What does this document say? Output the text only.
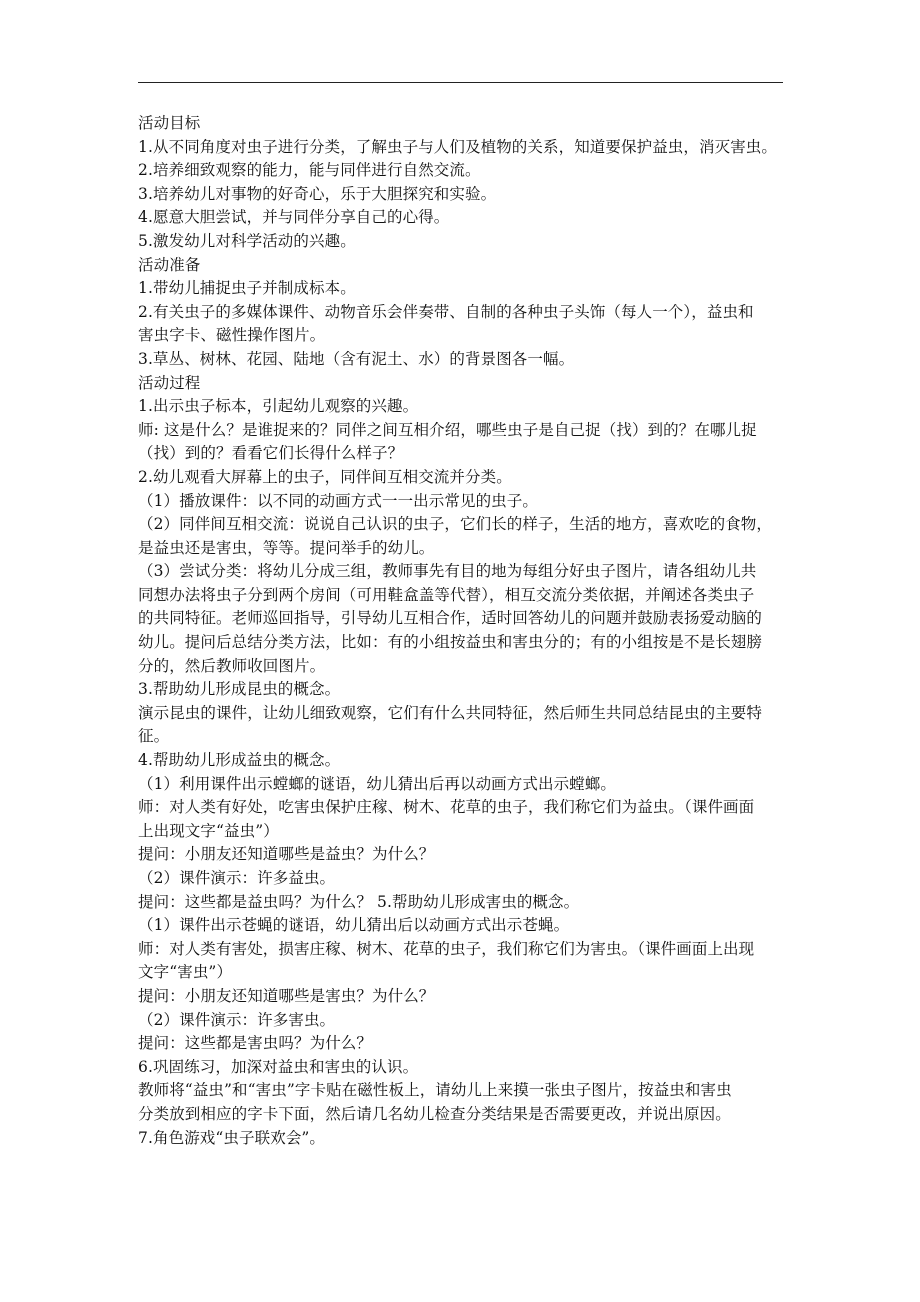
活动目标

1.从不同角度对虫子进行分类，了解虫子与人们及植物的关系，知道要保护益虫，消灭害虫。

2.培养细致观察的能力，能与同伴进行自然交流。

3.培养幼儿对事物的好奇心，乐于大胆探究和实验。

4.愿意大胆尝试，并与同伴分享自己的心得。

5.激发幼儿对科学活动的兴趣。

活动准备

1.带幼儿捕捉虫子并制成标本。

2.有关虫子的多媒体课件、动物音乐会伴奏带、自制的各种虫子头饰（每人一个），益虫和

害虫字卡、磁性操作图片。

3.草丛、树林、花园、陆地（含有泥土、水）的背景图各一幅。

活动过程

1.出示虫子标本，引起幼儿观察的兴趣。

师: 这是什么？是谁捉来的？同伴之间互相介绍，哪些虫子是自己捉（找）到的？在哪儿捉

（找）到的？看看它们长得什么样子？

2.幼儿观看大屏幕上的虫子，同伴间互相交流并分类。

（1）播放课件：以不同的动画方式一一出示常见的虫子。

（2）同伴间互相交流：说说自己认识的虫子，它们长的样子，生活的地方，喜欢吃的食物，

是益虫还是害虫，等等。提问举手的幼儿。

（3）尝试分类：将幼儿分成三组，教师事先有目的地为每组分好虫子图片，请各组幼儿共

同想办法将虫子分到两个房间（可用鞋盒盖等代替），相互交流分类依据，并阐述各类虫子

的共同特征。老师巡回指导，引导幼儿互相合作，适时回答幼儿的问题并鼓励表扬爱动脑的

幼儿。提问后总结分类方法，比如：有的小组按益虫和害虫分的；有的小组按是不是长翅膀

分的，然后教师收回图片。

3.帮助幼儿形成昆虫的概念。

演示昆虫的课件，让幼儿细致观察，它们有什么共同特征，然后师生共同总结昆虫的主要特

征。

4.帮助幼儿形成益虫的概念。

（1）利用课件出示螳螂的谜语，幼儿猜出后再以动画方式出示螳螂。

师：对人类有好处，吃害虫保护庄稼、树木、花草的虫子，我们称它们为益虫。（课件画面

上出现文字“益虫”）

提问：小朋友还知道哪些是益虫？为什么？

（2）课件演示：许多益虫。

提问：这些都是益虫吗？为什么？ 5.帮助幼儿形成害虫的概念。

（1）课件出示苍蝇的谜语，幼儿猜出后以动画方式出示苍蝇。

师：对人类有害处，损害庄稼、树木、花草的虫子，我们称它们为害虫。（课件画面上出现

文字“害虫”）

提问：小朋友还知道哪些是害虫？为什么？

（2）课件演示：许多害虫。

提问：这些都是害虫吗？为什么？

6.巩固练习，加深对益虫和害虫的认识。

教师将“益虫”和“害虫”字卡贴在磁性板上，请幼儿上来摸一张虫子图片，按益虫和害虫

分类放到相应的字卡下面，然后请几名幼儿检查分类结果是否需要更改，并说出原因。

7.角色游戏“虫子联欢会”。
